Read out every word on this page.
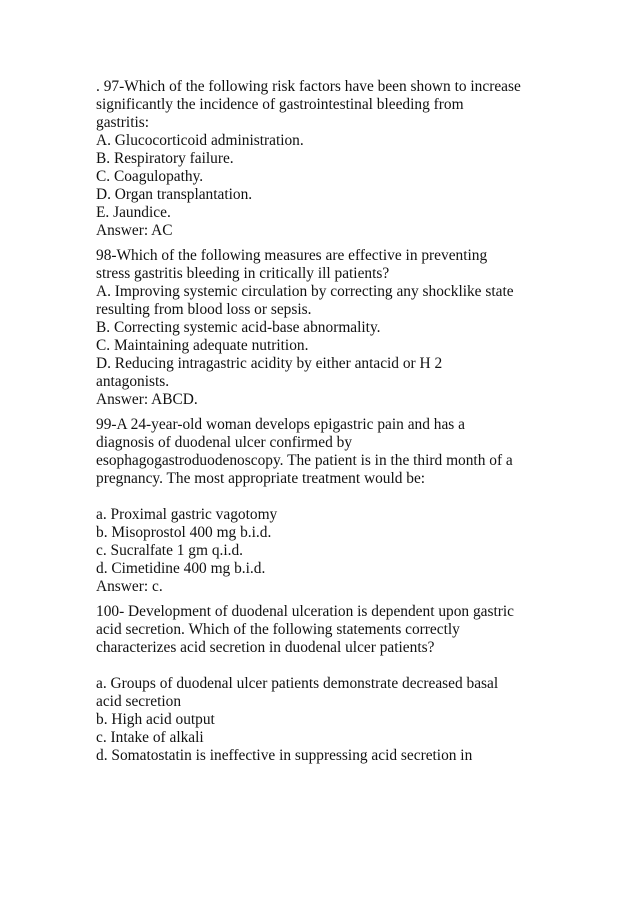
. 97-Which of the following risk factors have been shown to increase
significantly the incidence of gastrointestinal bleeding from
gastritis:
A. Glucocorticoid administration.
B. Respiratory failure.
C. Coagulopathy.
D. Organ transplantation.
E. Jaundice.
Answer: AC
98-Which of the following measures are effective in preventing
stress gastritis bleeding in critically ill patients?
A. Improving systemic circulation by correcting any shocklike state
resulting from blood loss or sepsis.
B. Correcting systemic acid-base abnormality.
C. Maintaining adequate nutrition.
D. Reducing intragastric acidity by either antacid or H 2
antagonists.
Answer: ABCD.
99-A 24-year-old woman develops epigastric pain and has a
diagnosis of duodenal ulcer confirmed by
esophagogastroduodenoscopy. The patient is in the third month of a
pregnancy. The most appropriate treatment would be:
a. Proximal gastric vagotomy
b. Misoprostol 400 mg b.i.d.
c. Sucralfate 1 gm q.i.d.
d. Cimetidine 400 mg b.i.d.
Answer: c.
100- Development of duodenal ulceration is dependent upon gastric
acid secretion. Which of the following statements correctly
characterizes acid secretion in duodenal ulcer patients?
a. Groups of duodenal ulcer patients demonstrate decreased basal
acid secretion
b. High acid output
c. Intake of alkali
d. Somatostatin is ineffective in suppressing acid secretion in
